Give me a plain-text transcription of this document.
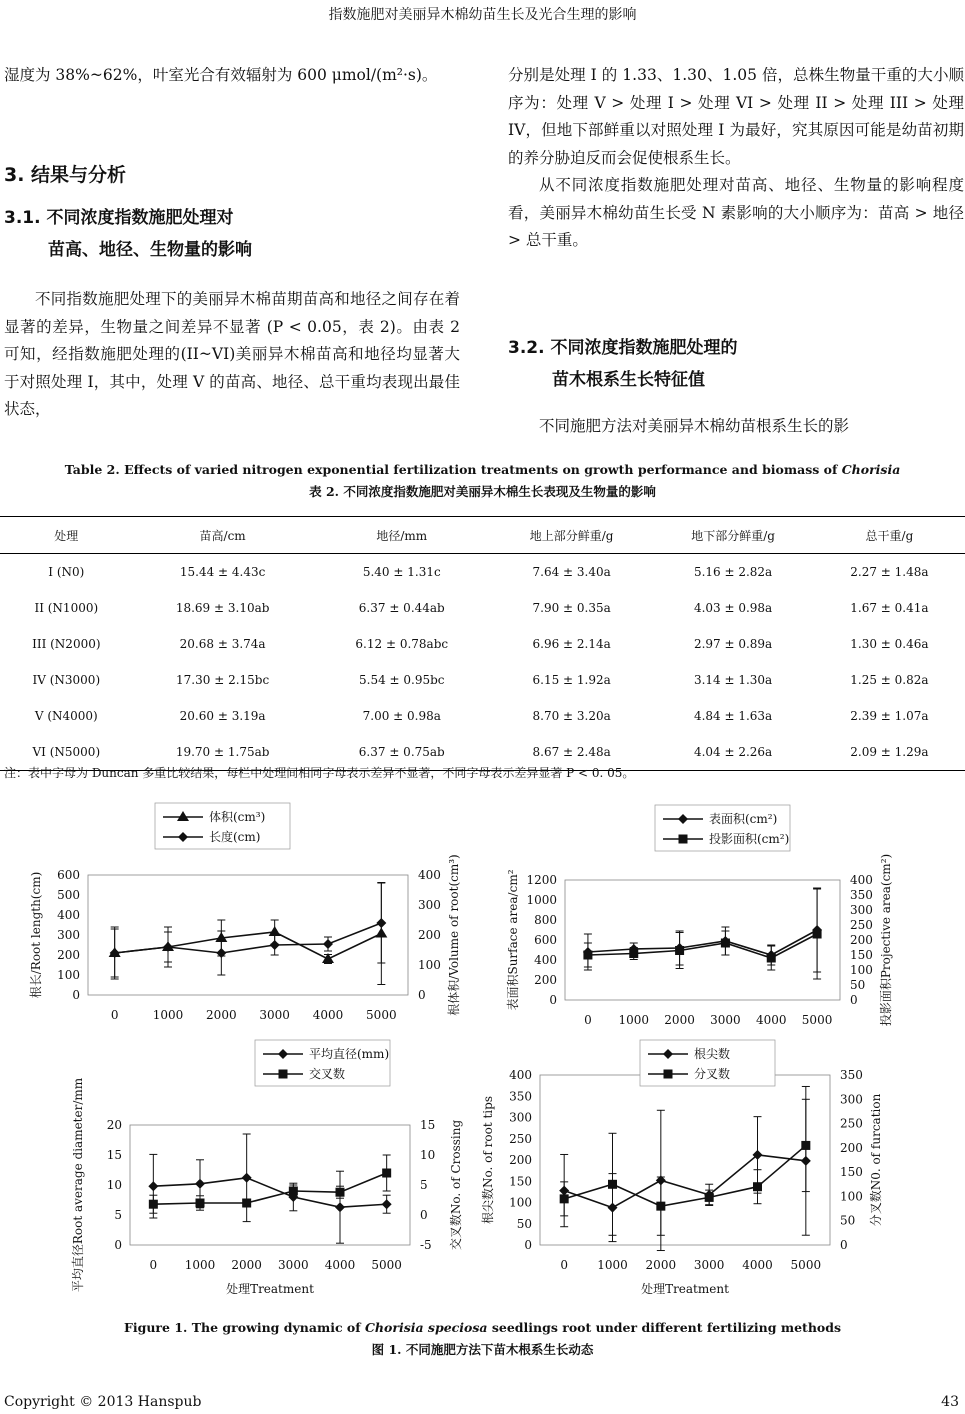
指数施肥对美丽异木棉幼苗生长及光合生理的影响

湿度为 38%~62%，叶室光合有效辐射为 600 μmol/(m²·s)。

3. 结果与分析
3.1. 不同浓度指数施肥处理对
苗高、地径、生物量的影响

不同指数施肥处理下的美丽异木棉苗期苗高和地径之间存在着显著的差异，生物量之间差异不显著 (P < 0.05，表 2)。由表 2 可知，经指数施肥处理的(II~VI)美丽异木棉苗高和地径均显著大于对照处理 I，其中，处理 V 的苗高、地径、总干重均表现出最佳状态，

分别是处理 I 的 1.33、1.30、1.05 倍，总株生物量干重的大小顺序为：处理 V > 处理 I > 处理 VI > 处理 II > 处理 III > 处理 IV，但地下部鲜重以对照处理 I 为最好，究其原因可能是幼苗初期的养分胁迫反而会促使根系生长。

从不同浓度指数施肥处理对苗高、地径、生物量的影响程度看，美丽异木棉幼苗生长受 N 素影响的大小顺序为：苗高 > 地径 > 总干重。

3.2. 不同浓度指数施肥处理的
苗木根系生长特征值

不同施肥方法对美丽异木棉幼苗根系生长的影

Table 2. Effects of varied nitrogen exponential fertilization treatments on growth performance and biomass of Chorisia
表 2. 不同浓度指数施肥对美丽异木棉生长表现及生物量的影响
处理	苗高/cm	地径/mm	地上部分鲜重/g	地下部分鲜重/g	总干重/g
I (N0)	15.44 ± 4.43c	5.40 ± 1.31c	7.64 ± 3.40a	5.16 ± 2.82a	2.27 ± 1.48a
II (N1000)	18.69 ± 3.10ab	6.37 ± 0.44ab	7.90 ± 0.35a	4.03 ± 0.98a	1.67 ± 0.41a
III (N2000)	20.68 ± 3.74a	6.12 ± 0.78abc	6.96 ± 2.14a	2.97 ± 0.89a	1.30 ± 0.46a
IV (N3000)	17.30 ± 2.15bc	5.54 ± 0.95bc	6.15 ± 1.92a	3.14 ± 1.30a	1.25 ± 0.82a
V (N4000)	20.60 ± 3.19a	7.00 ± 0.98a	8.70 ± 3.20a	4.84 ± 1.63a	2.39 ± 1.07a
VI (N5000)	19.70 ± 1.75ab	6.37 ± 0.75ab	8.67 ± 2.48a	4.04 ± 2.26a	2.09 ± 1.29a
注：表中字母为 Duncan 多重比较结果，每栏中处理间相同字母表示差异不显著，不同字母表示差异显著 P < 0. 05。
0
100
200
300
400
500
600
0
100
200
300
400
0	1000 2000 3000 4000 5000
根长/Root length(cm)	根体积/Volume of root(cm³)
体积(cm³)
长度(cm)
0
200
400
600
800
1000
1200
0
50
100
150
200
250
300
350
400
0 1000 2000 3000 4000 5000
表面积Surface area/cm²	投影面积Projective area(cm²)
表面积(cm²)
投影面积(cm²)
0
5
10
15
20
-5
0
5
10
15
0 1000 2000 3000 4000 5000
平均直径Root average diameter/mm	交叉数No. of Crossing
处理Treatment
平均直径(mm)
交叉数
0
50
100
150
200
250
300
350
400
0
50
100
150
200
250
300
350
0 1000 2000 3000 4000 5000
根尖数No. of root tips	分叉数N0. of furcation
处理Treatment
根尖数
分叉数
Figure 1. The growing dynamic of Chorisia speciosa seedlings root under different fertilizing methods
图 1. 不同施肥方法下苗木根系生长动态
Copyright © 2013 Hanspub	43
